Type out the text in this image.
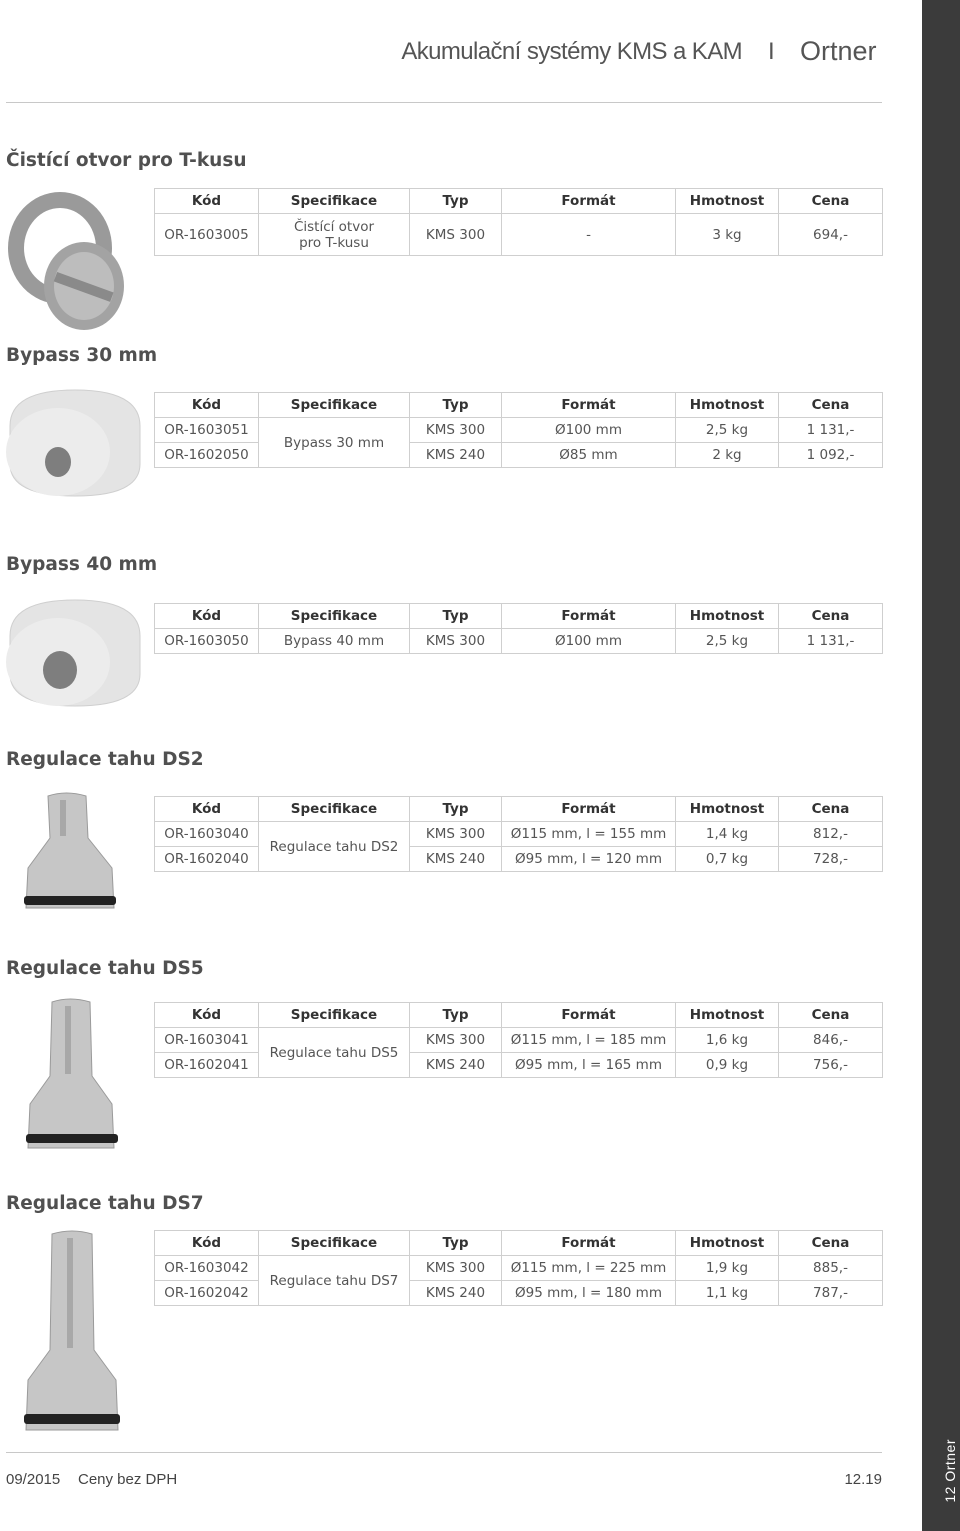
12 Ortner
Akumulační systémy KMS a KAM I Ortner
Čistící otvor pro T-kusu
Kód	Specifikace	Typ	Formát	Hmotnost	Cena
OR-1603005	Čistící otvor
pro T-kusu	KMS 300	-	3 kg	694,-
Bypass 30 mm
Kód	Specifikace	Typ	Formát	Hmotnost	Cena
OR-1603051	Bypass 30 mm	KMS 300	Ø100 mm	2,5 kg	1 131,-
OR-1602050		KMS 240	Ø85 mm	2 kg	1 092,-
Bypass 40 mm
Kód	Specifikace	Typ	Formát	Hmotnost	Cena
OR-1603050	Bypass 40 mm	KMS 300	Ø100 mm	2,5 kg	1 131,-
Regulace tahu DS2
Kód	Specifikace	Typ	Formát	Hmotnost	Cena
OR-1603040	Regulace tahu DS2	KMS 300	Ø115 mm, l = 155 mm	1,4 kg	812,-
OR-1602040		KMS 240	Ø95 mm, l = 120 mm	0,7 kg	728,-
Regulace tahu DS5
Kód	Specifikace	Typ	Formát	Hmotnost	Cena
OR-1603041	Regulace tahu DS5	KMS 300	Ø115 mm, l = 185 mm	1,6 kg	846,-
OR-1602041		KMS 240	Ø95 mm, l = 165 mm	0,9 kg	756,-
Regulace tahu DS7
Kód	Specifikace	Typ	Formát	Hmotnost	Cena
OR-1603042	Regulace tahu DS7	KMS 300	Ø115 mm, l = 225 mm	1,9 kg	885,-
OR-1602042		KMS 240	Ø95 mm, l = 180 mm	1,1 kg	787,-
09/2015 Ceny bez DPH	12.19
